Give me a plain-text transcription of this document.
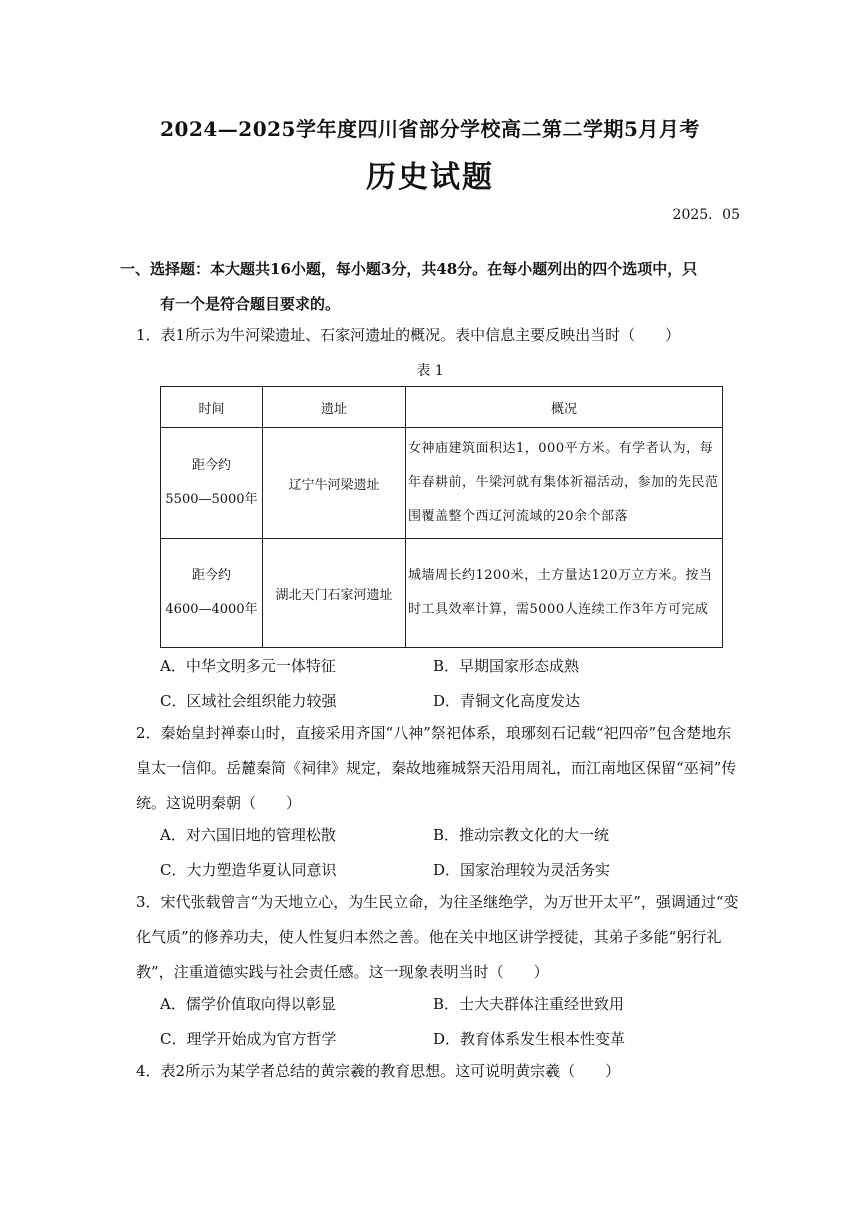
2024—2025学年度四川省部分学校高二第二学期5月月考
历史试题
2025．05
一、选择题：本大题共16小题，每小题3分，共48分。在每小题列出的四个选项中，只
有一个是符合题目要求的。
1．表1所示为牛河梁遗址、石家河遗址的概况。表中信息主要反映出当时（　　）
表 1
时间	遗址	概况

距今约
5500—5000年	辽宁牛河梁遗址	女神庙建筑面积达1，000平方米。有学者认为，每年春耕前，牛梁河就有集体祈福活动，参加的先民范围覆盖整个西辽河流域的20余个部落

距今约
4600—4000年	湖北天门石家河遗址	城墙周长约1200米，土方量达120万立方米。按当时工具效率计算，需5000人连续工作3年方可完成
A．中华文明多元一体特征	B．早期国家形态成熟
C．区域社会组织能力较强	D．青铜文化高度发达
2．秦始皇封禅泰山时，直接采用齐国“八神”祭祀体系，琅琊刻石记载“祀四帝”包含楚地东皇太一信仰。岳麓秦简《祠律》规定，秦故地雍城祭天沿用周礼，而江南地区保留“巫祠”传统。这说明秦朝（　　）
A．对六国旧地的管理松散	B．推动宗教文化的大一统
C．大力塑造华夏认同意识	D．国家治理较为灵活务实
3．宋代张载曾言“为天地立心，为生民立命，为往圣继绝学，为万世开太平”，强调通过“变化气质”的修养功夫，使人性复归本然之善。他在关中地区讲学授徒，其弟子多能“躬行礼教”，注重道德实践与社会责任感。这一现象表明当时（　　）
A．儒学价值取向得以彰显	B．士大夫群体注重经世致用
C．理学开始成为官方哲学	D．教育体系发生根本性变革
4．表2所示为某学者总结的黄宗羲的教育思想。这可说明黄宗羲（　　）
